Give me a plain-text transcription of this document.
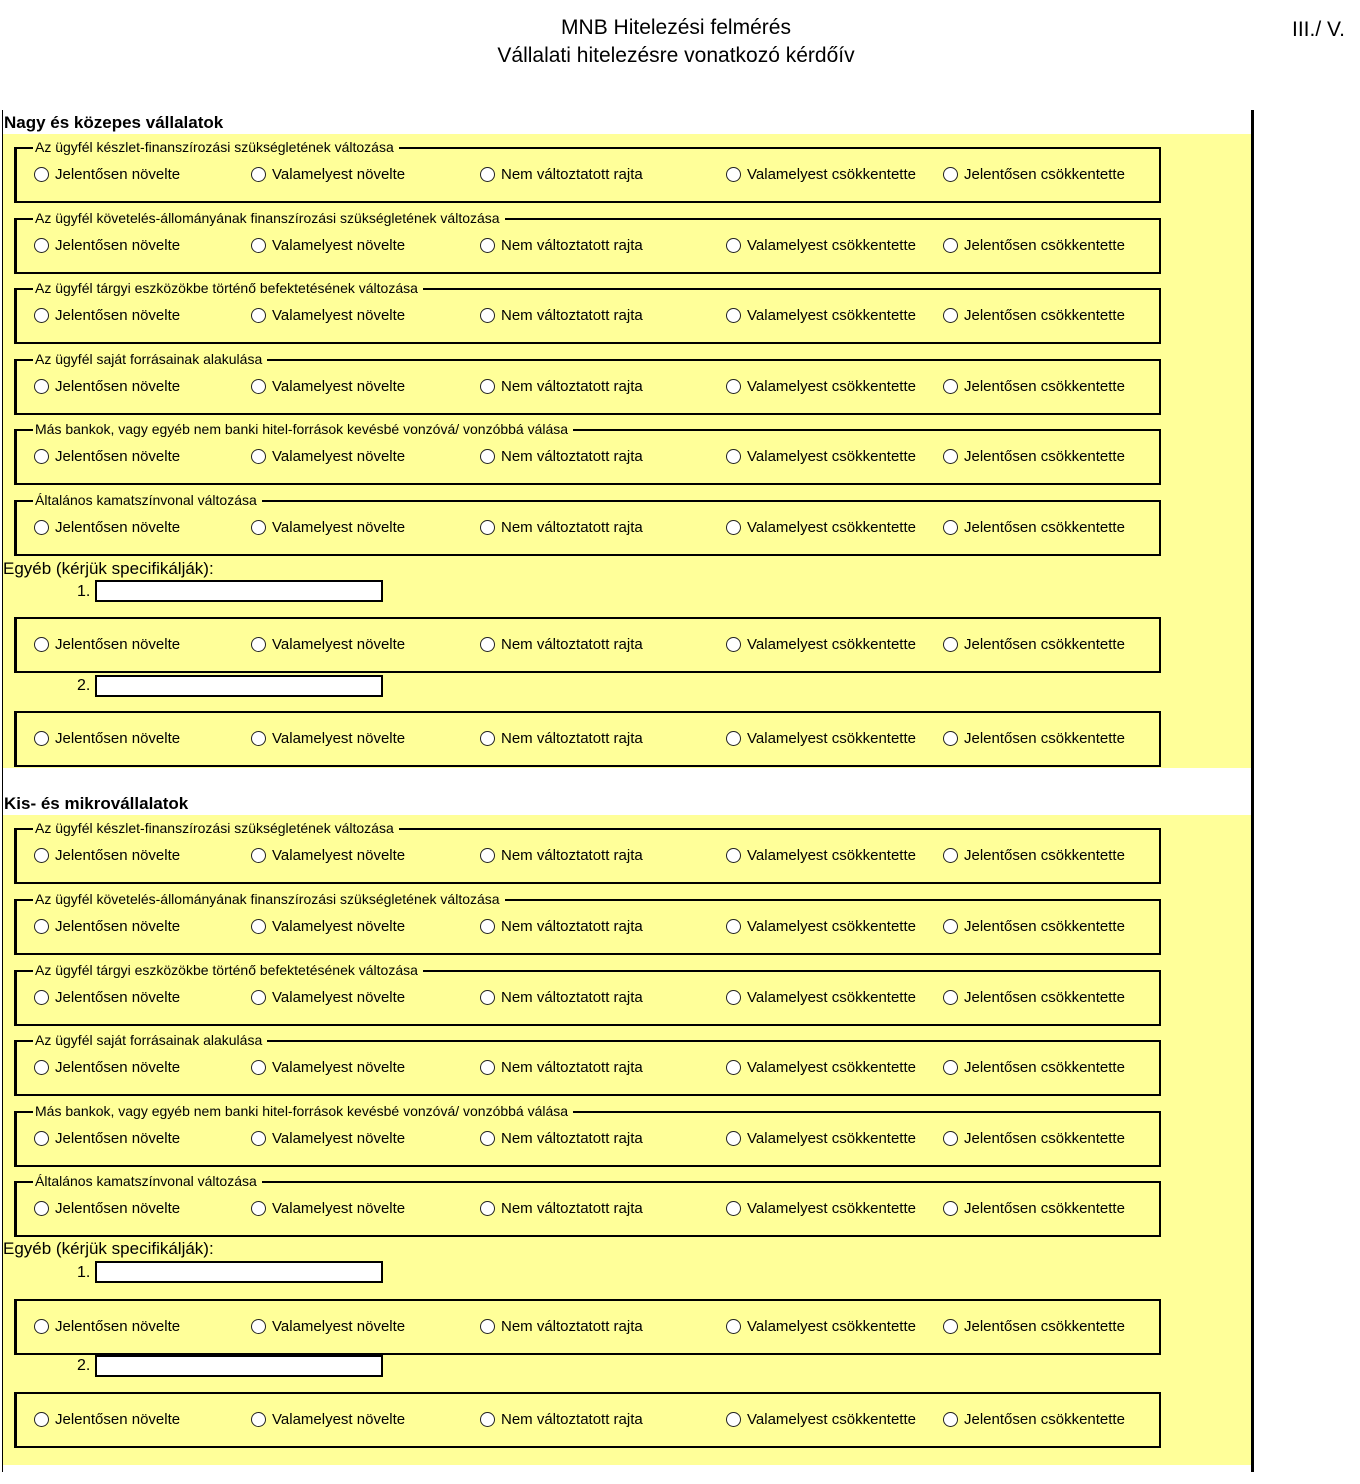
MNB Hitelezési felmérés
Vállalati hitelezésre vonatkozó kérdőív
III./ V.
Nagy és közepes vállalatok
Az ügyfél készlet-finanszírozási szükségletének változása
Jelentősen növelte	Valamelyest növelte	Nem változtatott rajta	Valamelyest csökkentette	Jelentősen csökkentette
Az ügyfél követelés-állományának finanszírozási szükségletének változása
Jelentősen növelte	Valamelyest növelte	Nem változtatott rajta	Valamelyest csökkentette	Jelentősen csökkentette
Az ügyfél tárgyi eszközökbe történő befektetésének változása
Jelentősen növelte	Valamelyest növelte	Nem változtatott rajta	Valamelyest csökkentette	Jelentősen csökkentette
Az ügyfél saját forrásainak alakulása
Jelentősen növelte	Valamelyest növelte	Nem változtatott rajta	Valamelyest csökkentette	Jelentősen csökkentette
Más bankok, vagy egyéb nem banki hitel-források kevésbé vonzóvá/ vonzóbbá válása
Jelentősen növelte	Valamelyest növelte	Nem változtatott rajta	Valamelyest csökkentette	Jelentősen csökkentette
Általános kamatszínvonal változása
Jelentősen növelte	Valamelyest növelte	Nem változtatott rajta	Valamelyest csökkentette	Jelentősen csökkentette
Egyéb (kérjük specifikálják):
1.
Jelentősen növelte	Valamelyest növelte	Nem változtatott rajta	Valamelyest csökkentette	Jelentősen csökkentette
2.
Jelentősen növelte	Valamelyest növelte	Nem változtatott rajta	Valamelyest csökkentette	Jelentősen csökkentette
Kis- és mikrovállalatok
Az ügyfél készlet-finanszírozási szükségletének változása
Jelentősen növelte	Valamelyest növelte	Nem változtatott rajta	Valamelyest csökkentette	Jelentősen csökkentette
Az ügyfél követelés-állományának finanszírozási szükségletének változása
Jelentősen növelte	Valamelyest növelte	Nem változtatott rajta	Valamelyest csökkentette	Jelentősen csökkentette
Az ügyfél tárgyi eszközökbe történő befektetésének változása
Jelentősen növelte	Valamelyest növelte	Nem változtatott rajta	Valamelyest csökkentette	Jelentősen csökkentette
Az ügyfél saját forrásainak alakulása
Jelentősen növelte	Valamelyest növelte	Nem változtatott rajta	Valamelyest csökkentette	Jelentősen csökkentette
Más bankok, vagy egyéb nem banki hitel-források kevésbé vonzóvá/ vonzóbbá válása
Jelentősen növelte	Valamelyest növelte	Nem változtatott rajta	Valamelyest csökkentette	Jelentősen csökkentette
Általános kamatszínvonal változása
Jelentősen növelte	Valamelyest növelte	Nem változtatott rajta	Valamelyest csökkentette	Jelentősen csökkentette
Egyéb (kérjük specifikálják):
1.
Jelentősen növelte	Valamelyest növelte	Nem változtatott rajta	Valamelyest csökkentette	Jelentősen csökkentette
2.
Jelentősen növelte	Valamelyest növelte	Nem változtatott rajta	Valamelyest csökkentette	Jelentősen csökkentette
